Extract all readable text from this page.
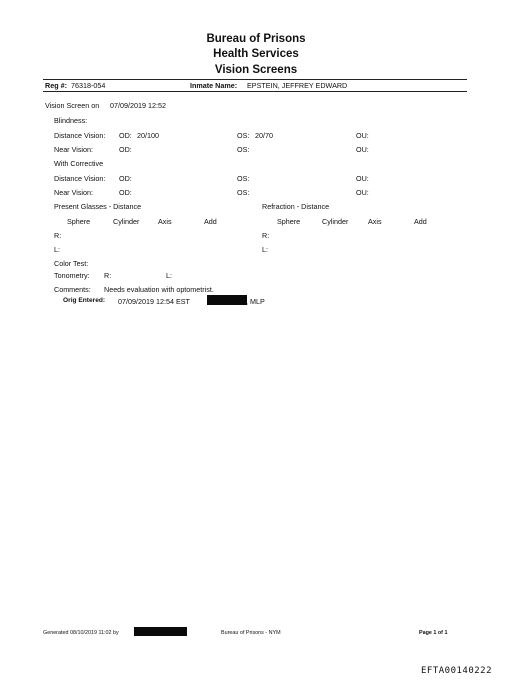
Bureau of Prisons
Health Services
Vision Screens
Reg #: 76318-054	Inmate Name: EPSTEIN, JEFFREY EDWARD
Vision Screen on 07/09/2019 12:52
Blindness:
Distance Vision: OD: 20/100	OS: 20/70	OU:
Near Vision:	OD:	OS:	OU:
With Corrective
Distance Vision: OD:	OS:	OU:
Near Vision:	OD:	OS:	OU:
Present Glasses - Distance	Refraction - Distance
Sphere	Cylinder	Axis	Add	Sphere	Cylinder	Axis	Add
R:	R:
L:	L:
Color Test:
Tonometry: R:	L:
Comments: Needs evaluation with optometrist.
Orig Entered: 07/09/2019 12:54 EST	, MLP
Generated 08/10/2019 11:02 by	Bureau of Prisons - NYM	Page 1 of 1
EFTA00140222
